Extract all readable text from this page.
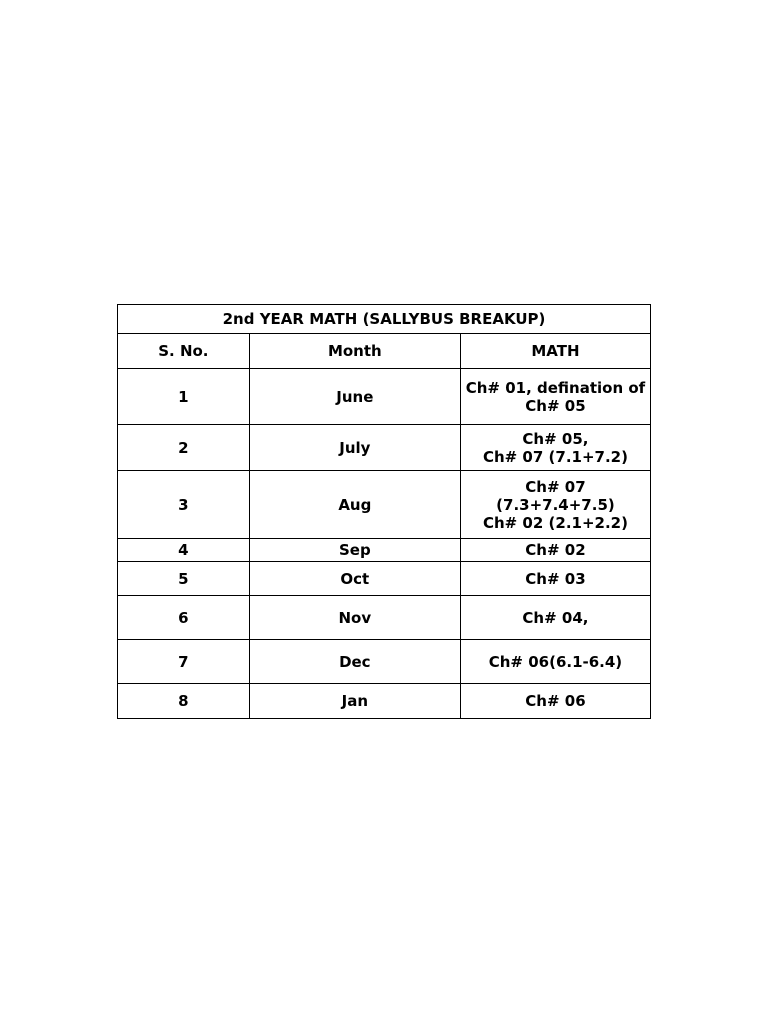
2nd YEAR MATH (SALLYBUS BREAKUP)		
S. No.	Month	MATH
1	June	Ch# 01, defination of
Ch# 05

2	July	Ch# 05,
Ch# 07 (7.1+7.2)

3	Aug	Ch# 07 (7.3+7.4+7.5)
Ch# 02 (2.1+2.2)

4	Sep	Ch# 02

5	Oct	Ch# 03

6	Nov	Ch# 04,

7	Dec	Ch# 06(6.1-6.4)

8	Jan	Ch# 06
